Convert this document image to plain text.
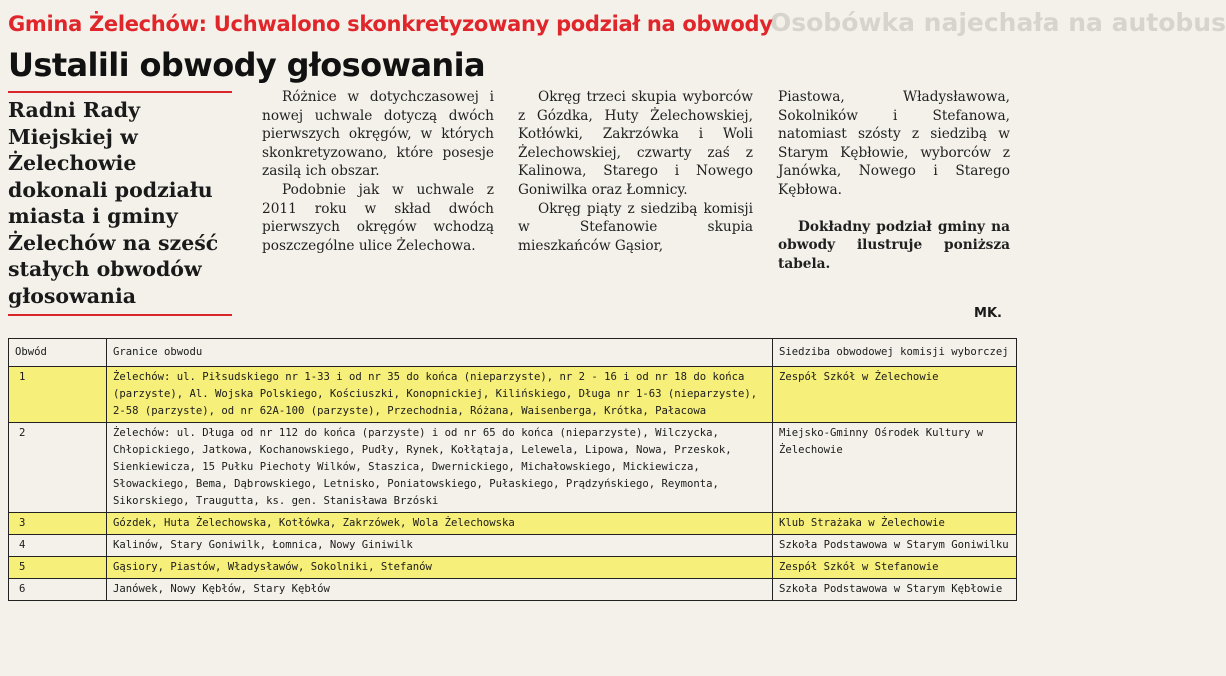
Osobówka najechała na autobus
Gmina Żelechów: Uchwalono skonkretyzowany podział na obwody
Ustalili obwody głosowania
Radni Rady Miejskiej w Żelechowie dokonali podziału miasta i gminy Żelechów na sześć stałych obwodów głosowania

Różnice w dotychczasowej i nowej uchwale dotyczą dwóch pierwszych okręgów, w których skonkretyzowano, które posesje zasilą ich obszar.

Podobnie jak w uchwale z 2011 roku w skład dwóch pierwszych okręgów wchodzą poszczególne ulice Żelechowa.

Okręg trzeci skupia wyborców z Gózdka, Huty Żelechowskiej, Kotłówki, Zakrzówka i Woli Żelechowskiej, czwarty zaś z Kalinowa, Starego i Nowego Goniwilka oraz Łomnicy.

Okręg piąty z siedzibą komisji w Stefanowie skupia mieszkańców Gąsior,

Piastowa, Władysławowa, Sokolników i Stefanowa, natomiast szósty z siedzibą w Starym Kębłowie, wyborców z Janówka, Nowego i Starego Kębłowa.

Dokładny podział gminy na obwody ilustruje poniższa tabela.

MK.
Obwód	Granice obwodu	Siedziba obwodowej komisji wyborczej
1	Żelechów: ul. Piłsudskiego nr 1-33 i od nr 35 do końca (nieparzyste), nr 2 - 16 i od nr 18 do końca (parzyste), Al. Wojska Polskiego, Kościuszki, Konopnickiej, Kilińskiego, Długa nr 1-63 (nieparzyste), 2-58 (parzyste), od nr 62A-100 (parzyste), Przechodnia, Różana, Waisenberga, Krótka, Pałacowa	Zespół Szkół w Żelechowie
2	Żelechów: ul. Długa od nr 112 do końca (parzyste) i od nr 65 do końca (nieparzyste), Wilczycka, Chłopickiego, Jatkowa, Kochanowskiego, Pudły, Rynek, Kołłątaja, Lelewela, Lipowa, Nowa, Przeskok, Sienkiewicza, 15 Pułku Piechoty Wilków, Staszica, Dwernickiego, Michałowskiego, Mickiewicza, Słowackiego, Bema, Dąbrowskiego, Letniskо, Poniatowskiego, Pułaskiego, Prądzyńskiego, Reymonta, Sikorskiego, Traugutta, ks. gen. Stanisława Brzóski	Miejsko-Gminny Ośrodek Kultury w Żelechowie
3	Gózdek, Huta Żelechowska, Kotłówka, Zakrzówek, Wola Żelechowska	Klub Strażaka w Żelechowie
4	Kalinów, Stary Goniwilk, Łomnica, Nowy Giniwilk	Szkoła Podstawowa w Starym Goniwilku
5	Gąsiory, Piastów, Władysławów, Sokolniki, Stefanów	Zespół Szkół w Stefanowie
6	Janówek, Nowy Kębłów, Stary Kębłów	Szkoła Podstawowa w Starym Kębłowie
